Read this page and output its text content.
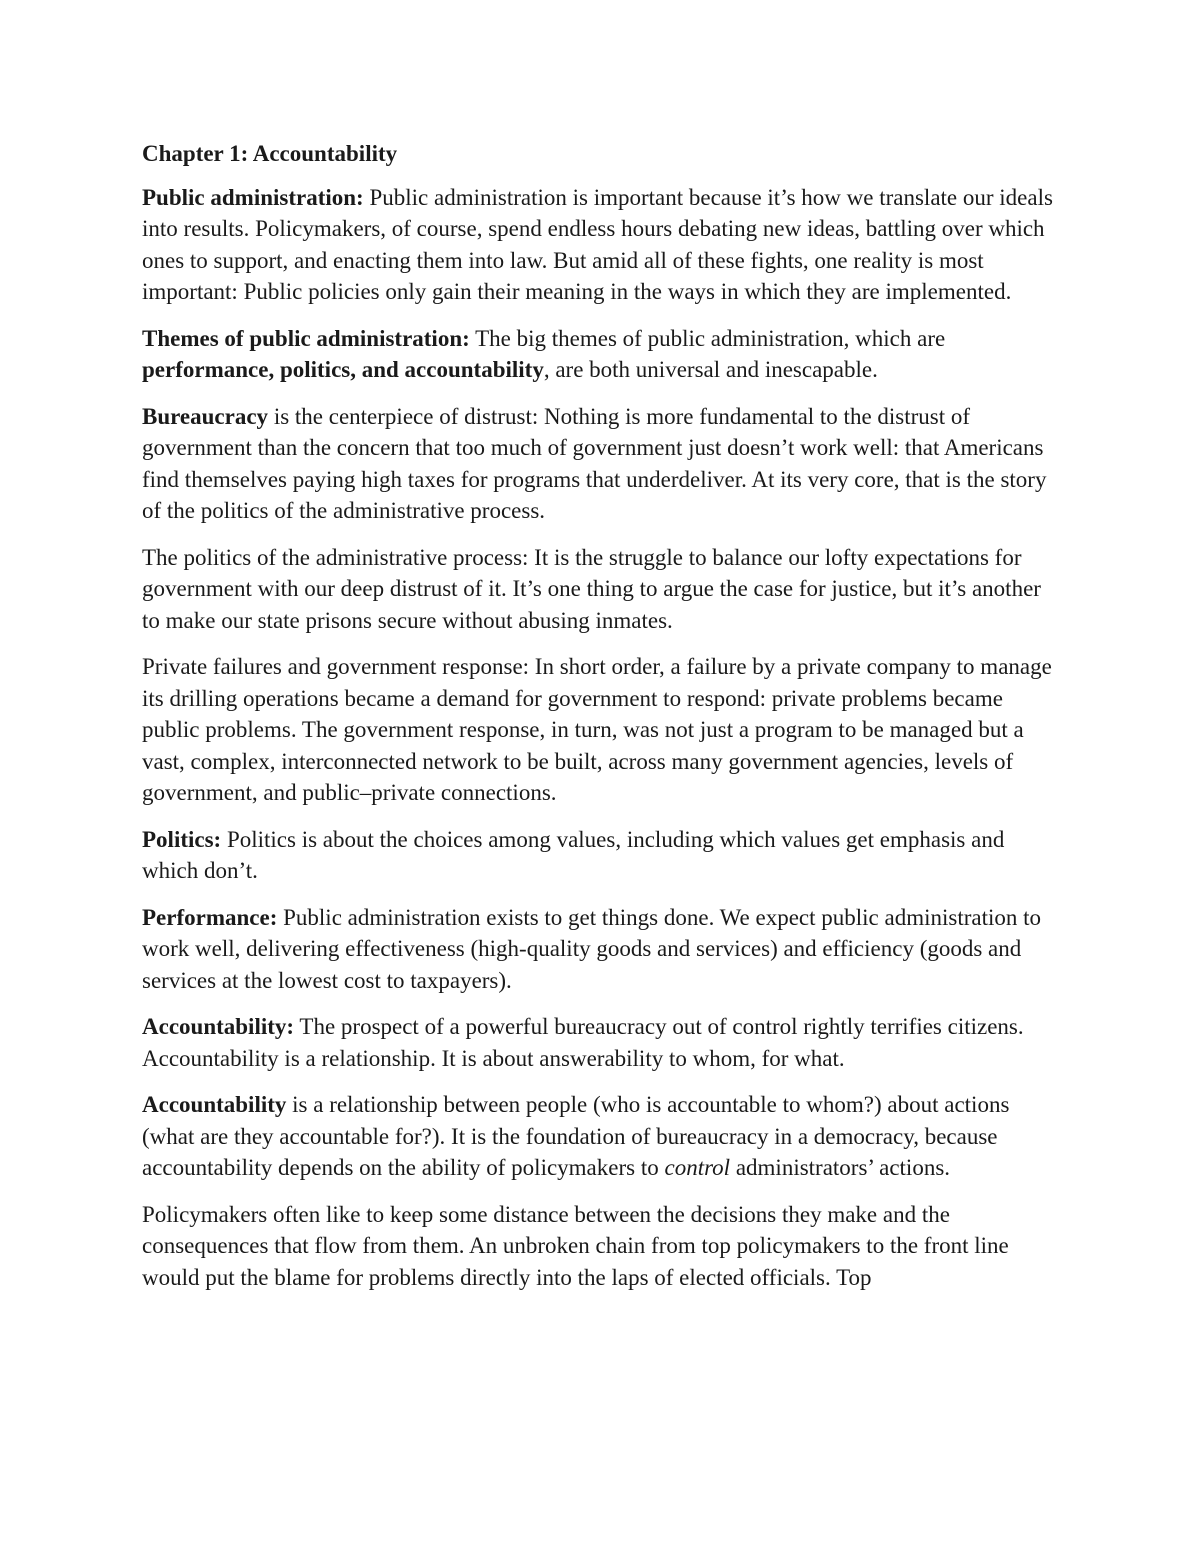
Chapter 1: Accountability

Public administration: Public administration is important because it’s how we translate our ideals into results. Policymakers, of course, spend endless hours debating new ideas, battling over which ones to support, and enacting them into law. But amid all of these fights, one reality is most important: Public policies only gain their meaning in the ways in which they are implemented.

Themes of public administration: The big themes of public administration, which are performance, politics, and accountability, are both universal and inescapable.

Bureaucracy is the centerpiece of distrust: Nothing is more fundamental to the distrust of government than the concern that too much of government just doesn’t work well: that Americans find themselves paying high taxes for programs that underdeliver. At its very core, that is the story of the politics of the administrative process.

The politics of the administrative process: It is the struggle to balance our lofty expectations for government with our deep distrust of it. It’s one thing to argue the case for justice, but it’s another to make our state prisons secure without abusing inmates.

Private failures and government response: In short order, a failure by a private company to manage its drilling operations became a demand for government to respond: private problems became public problems. The government response, in turn, was not just a program to be managed but a vast, complex, interconnected network to be built, across many government agencies, levels of government, and public–private connections.

Politics: Politics is about the choices among values, including which values get emphasis and which don’t.

Performance: Public administration exists to get things done. We expect public administration to work well, delivering effectiveness (high-quality goods and services) and efficiency (goods and services at the lowest cost to taxpayers).

Accountability: The prospect of a powerful bureaucracy out of control rightly terrifies citizens. Accountability is a relationship. It is about answerability to whom, for what.

Accountability is a relationship between people (who is accountable to whom?) about actions (what are they accountable for?). It is the foundation of bureaucracy in a democracy, because accountability depends on the ability of policymakers to control administrators’ actions.

Policymakers often like to keep some distance between the decisions they make and the consequences that flow from them. An unbroken chain from top policymakers to the front line would put the blame for problems directly into the laps of elected officials. Top
